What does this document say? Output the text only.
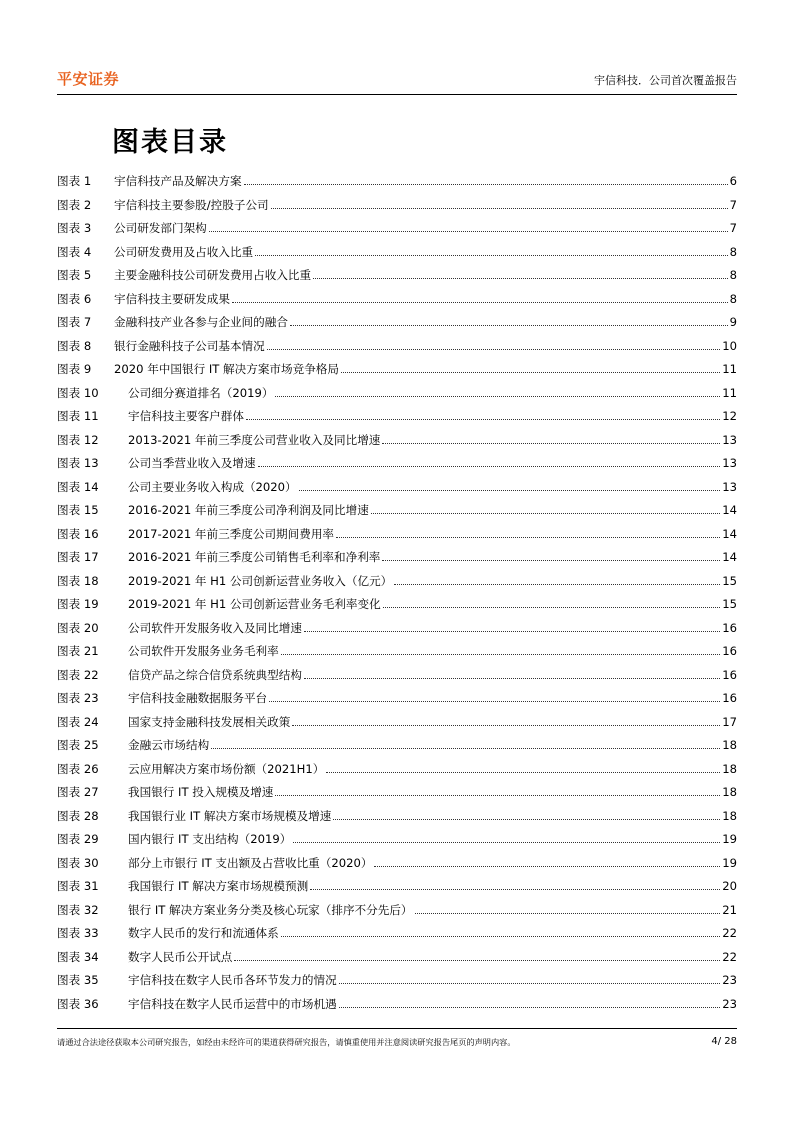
平安证券	宇信科技．公司首次覆盖报告
图表目录
图表 1	宇信科技产品及解决方案	6
图表 2	宇信科技主要参股/控股子公司	7
图表 3	公司研发部门架构	7
图表 4	公司研发费用及占收入比重	8
图表 5	主要金融科技公司研发费用占收入比重	8
图表 6	宇信科技主要研发成果	8
图表 7	金融科技产业各参与企业间的融合	9
图表 8	银行金融科技子公司基本情况	10
图表 9	2020 年中国银行 IT 解决方案市场竞争格局	11
图表 10	公司细分赛道排名（2019）	11
图表 11	宇信科技主要客户群体	12
图表 12	2013-2021 年前三季度公司营业收入及同比增速	13
图表 13	公司当季营业收入及增速	13
图表 14	公司主要业务收入构成（2020）	13
图表 15	2016-2021 年前三季度公司净利润及同比增速	14
图表 16	2017-2021 年前三季度公司期间费用率	14
图表 17	2016-2021 年前三季度公司销售毛利率和净利率	14
图表 18	2019-2021 年 H1 公司创新运营业务收入（亿元）	15
图表 19	2019-2021 年 H1 公司创新运营业务毛利率变化	15
图表 20	公司软件开发服务收入及同比增速	16
图表 21	公司软件开发服务业务毛利率	16
图表 22	信贷产品之综合信贷系统典型结构	16
图表 23	宇信科技金融数据服务平台	16
图表 24	国家支持金融科技发展相关政策	17
图表 25	金融云市场结构	18
图表 26	云应用解决方案市场份额（2021H1）	18
图表 27	我国银行 IT 投入规模及增速	18
图表 28	我国银行业 IT 解决方案市场规模及增速	18
图表 29	国内银行 IT 支出结构（2019）	19
图表 30	部分上市银行 IT 支出额及占营收比重（2020）	19
图表 31	我国银行 IT 解决方案市场规模预测	20
图表 32	银行 IT 解决方案业务分类及核心玩家（排序不分先后）	21
图表 33	数字人民币的发行和流通体系	22
图表 34	数字人民币公开试点	22
图表 35	宇信科技在数字人民币各环节发力的情况	23
图表 36	宇信科技在数字人民币运营中的市场机遇	23
请通过合法途径获取本公司研究报告，如经由未经许可的渠道获得研究报告，请慎重使用并注意阅读研究报告尾页的声明内容。	4/ 28
